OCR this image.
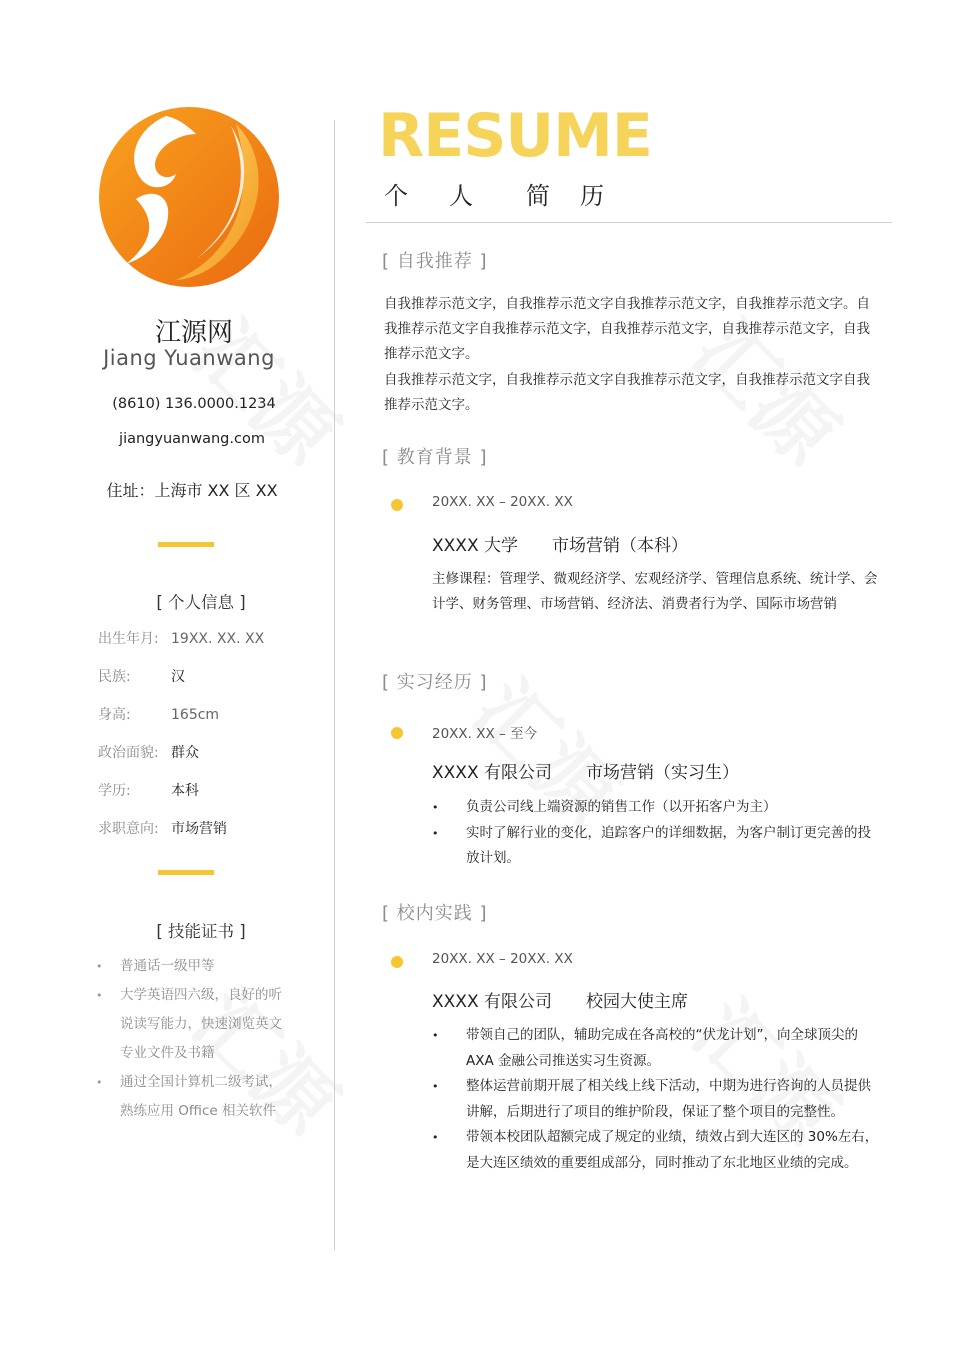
江源网
Jiang Yuanwang
(8610) 136.0000.1234
jiangyuanwang.com
住址：上海市 XX 区 XX
[ 个人信息 ]
出生年月: 19XX. XX. XX
民族:	汉
身高:	165cm
政治面貌: 群众
学历:	本科
求职意向: 市场营销
[ 技能证书 ]
• 普通话一级甲等
• 大学英语四六级，良好的听说读写能力，快速浏览英文专业文件及书籍
• 通过全国计算机二级考试，熟练应用 Office 相关软件
RESUME
个 人 简 历
[ 自我推荐 ]
自我推荐示范文字，自我推荐示范文字自我推荐示范文字，自我推荐示范文字。自我推荐示范文字自我推荐示范文字，自我推荐示范文字，自我推荐示范文字，自我推荐示范文字。
自我推荐示范文字，自我推荐示范文字自我推荐示范文字，自我推荐示范文字自我推荐示范文字。
[ 教育背景 ]
20XX. XX – 20XX. XX
XXXX 大学 市场营销（本科）
主修课程：管理学、微观经济学、宏观经济学、管理信息系统、统计学、会计学、财务管理、市场营销、经济法、消费者行为学、国际市场营销
[ 实习经历 ]
20XX. XX – 至今
XXXX 有限公司 市场营销（实习生）
• 负责公司线上端资源的销售工作（以开拓客户为主）
• 实时了解行业的变化，追踪客户的详细数据，为客户制订更完善的投放计划。
[ 校内实践 ]
20XX. XX – 20XX. XX
XXXX 有限公司 校园大使主席
• 带领自己的团队，辅助完成在各高校的“伏龙计划”，向全球顶尖的 AXA 金融公司推送实习生资源。
• 整体运营前期开展了相关线上线下活动，中期为进行咨询的人员提供讲解，后期进行了项目的维护阶段，保证了整个项目的完整性。
• 带领本校团队超额完成了规定的业绩，绩效占到大连区的 30%左右，是大连区绩效的重要组成部分，同时推动了东北地区业绩的完成。
